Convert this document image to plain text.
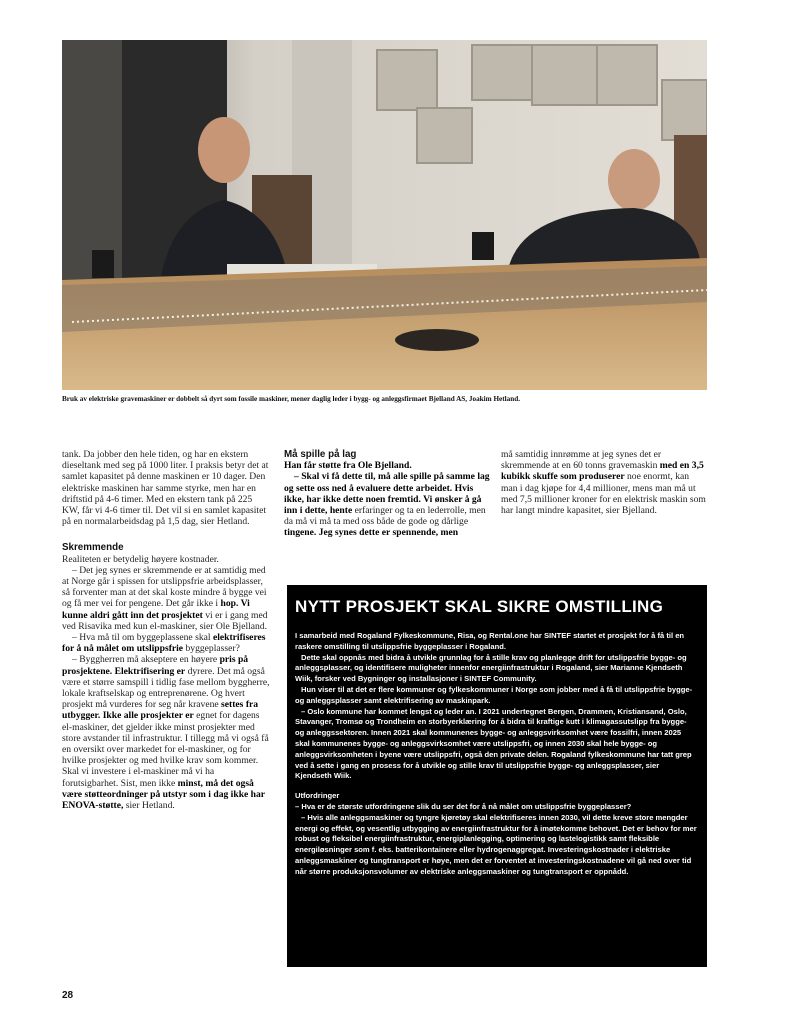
Bruk av elektriske gravemaskiner er dobbelt så dyrt som fossile maskiner, mener daglig leder i bygg- og anleggsfirmaet Bjelland AS, Joakim Hetland.

tank. Da jobber den hele tiden, og har en ekstern dieseltank med seg på 1000 liter. I praksis betyr det at samlet kapasitet på denne maskinen er 10 dager. Den elektriske maskinen har samme styrke, men har en driftstid på 4-6 timer. Med en ekstern tank på 225 KW, får vi 4-6 timer til. Det vil si en samlet kapasitet på en normalarbeidsdag på 1,5 dag, sier Hetland.

Skremmende

Realiteten er betydelig høyere kostnader.

– Det jeg synes er skremmende er at samtidig med at Norge går i spissen for utslippsfrie arbeidsplasser, så forventer man at det skal koste mindre å bygge vei og få mer vei for pengene. Det går ikke i hop. Vi kunne aldri gått inn det prosjektet vi er i gang med ved Risavika med kun el-maskiner, sier Ole Bjelland.

– Hva må til om byggeplassene skal elektrifiseres for å nå målet om utslippsfrie byggeplasser?

– Byggherren må akseptere en høyere pris på prosjektene. Elektrifisering er dyrere. Det må også være et større samspill i tidlig fase mellom byggherre, lokale kraftselskap og entreprenørene. Og hvert prosjekt må vurderes for seg når kravene settes fra utbygger. Ikke alle prosjekter er egnet for dagens el-maskiner, det gjelder ikke minst prosjekter med store avstander til infrastruktur. I tillegg må vi også få en oversikt over markedet for el-maskiner, og for hvilke prosjekter og med hvilke krav som kommer. Skal vi investere i el-maskiner må vi ha forutsigbarhet. Sist, men ikke minst, må det også være støtteordninger på utstyr som i dag ikke har ENOVA-støtte, sier Hetland.

Må spille på lag

Han får støtte fra Ole Bjelland.

– Skal vi få dette til, må alle spille på samme lag og sette oss ned å evaluere dette arbeidet. Hvis ikke, har ikke dette noen fremtid. Vi ønsker å gå inn i dette, hente erfaringer og ta en lederrolle, men da må vi må ta med oss både de gode og dårlige tingene. Jeg synes dette er spennende, men

må samtidig innrømme at jeg synes det er skremmende at en 60 tonns gravemaskin med en 3,5 kubikk skuffe som produserer noe enormt, kan man i dag kjøpe for 4,4 millioner, mens man må ut med 7,5 millioner kroner for en elektrisk maskin som har langt mindre kapasitet, sier Bjelland.

NYTT PROSJEKT SKAL SIKRE OMSTILLING

I samarbeid med Rogaland Fylkeskommune, Risa, og Rental.one har SINTEF startet et prosjekt for å få til en raskere omstilling til utslippsfrie byggeplasser i Rogaland.

Dette skal oppnås med bidra å utvikle grunnlag for å stille krav og planlegge drift for utslippsfrie bygge- og anleggsplasser, og identifisere muligheter innenfor energiinfrastruktur i Rogaland, sier Marianne Kjendseth Wiik, forsker ved Bygninger og installasjoner i SINTEF Community.

Hun viser til at det er flere kommuner og fylkeskommuner i Norge som jobber med å få til utslippsfrie bygge- og anleggsplasser samt elektrifisering av maskinpark.

– Oslo kommune har kommet lengst og leder an. I 2021 undertegnet Bergen, Drammen, Kristiansand, Oslo, Stavanger, Tromsø og Trondheim en storbyerklæring for å bidra til kraftige kutt i klimagassutslipp fra bygge- og anleggssektoren. Innen 2021 skal kommunenes bygge- og anleggsvirksomhet være fossilfri, innen 2025 skal kommunenes bygge- og anleggsvirksomhet være utslippsfri, og innen 2030 skal hele bygge- og anleggsvirksomheten i byene være utslippsfri, også den private delen. Rogaland fylkeskommune har tatt grep ved å sette i gang en prosess for å utvikle og stille krav til utslippsfrie bygge- og anleggsplasser, sier Kjendseth Wiik.

Utfordringer

– Hva er de største utfordringene slik du ser det for å nå målet om utslippsfrie byggeplasser?

– Hvis alle anleggsmaskiner og tyngre kjøretøy skal elektrifiseres innen 2030, vil dette kreve store mengder energi og effekt, og vesentlig utbygging av energiinfrastruktur for å imøtekomme behovet. Det er behov for mer robust og fleksibel energiinfrastruktur, energiplanlegging, optimering og lastelogistikk samt fleksible energiløsninger som f. eks. batterikontainere eller hydrogenaggregat. Investeringskostnader i elektriske anleggsmaskiner og tungtransport er høye, men det er forventet at investeringskostnadene vil gå ned over tid når større produksjonsvolumer av elektriske anleggsmaskiner og tungtransport er oppnådd.

28
